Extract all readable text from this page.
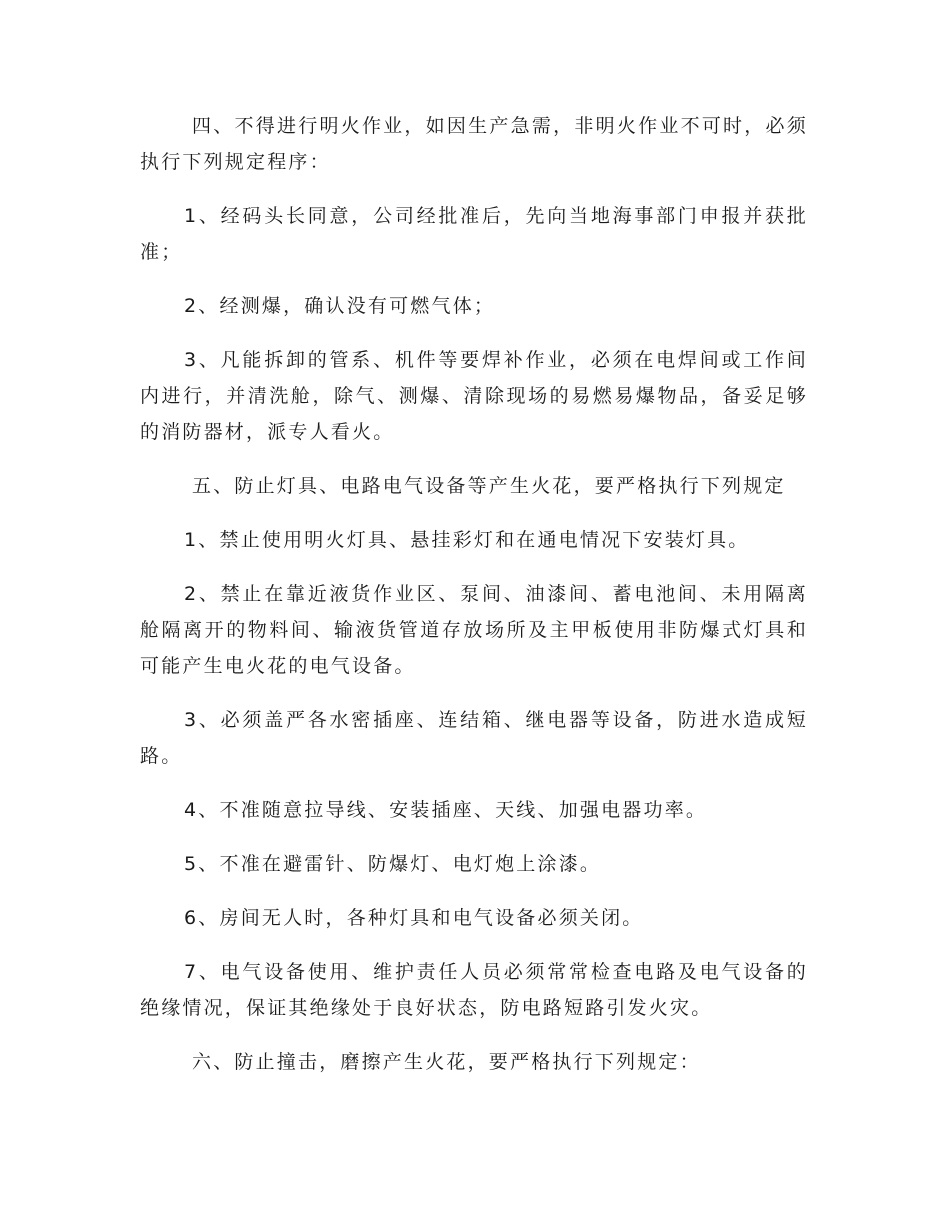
四、不得进行明火作业，如因生产急需，非明火作业不可时，必须执行下列规定程序：

1、经码头长同意，公司经批准后，先向当地海事部门申报并获批准；

2、经测爆，确认没有可燃气体；

3、凡能拆卸的管系、机件等要焊补作业，必须在电焊间或工作间内进行，并清洗舱，除气、测爆、清除现场的易燃易爆物品，备妥足够的消防器材，派专人看火。

五、防止灯具、电路电气设备等产生火花，要严格执行下列规定

1、禁止使用明火灯具、悬挂彩灯和在通电情况下安装灯具。

2、禁止在靠近液货作业区、泵间、油漆间、蓄电池间、未用隔离舱隔离开的物料间、输液货管道存放场所及主甲板使用非防爆式灯具和可能产生电火花的电气设备。

3、必须盖严各水密插座、连结箱、继电器等设备，防进水造成短路。

4、不准随意拉导线、安装插座、天线、加强电器功率。

5、不准在避雷针、防爆灯、电灯炮上涂漆。

6、房间无人时，各种灯具和电气设备必须关闭。

7、电气设备使用、维护责任人员必须常常检查电路及电气设备的绝缘情况，保证其绝缘处于良好状态，防电路短路引发火灾。

六、防止撞击，磨擦产生火花，要严格执行下列规定：
